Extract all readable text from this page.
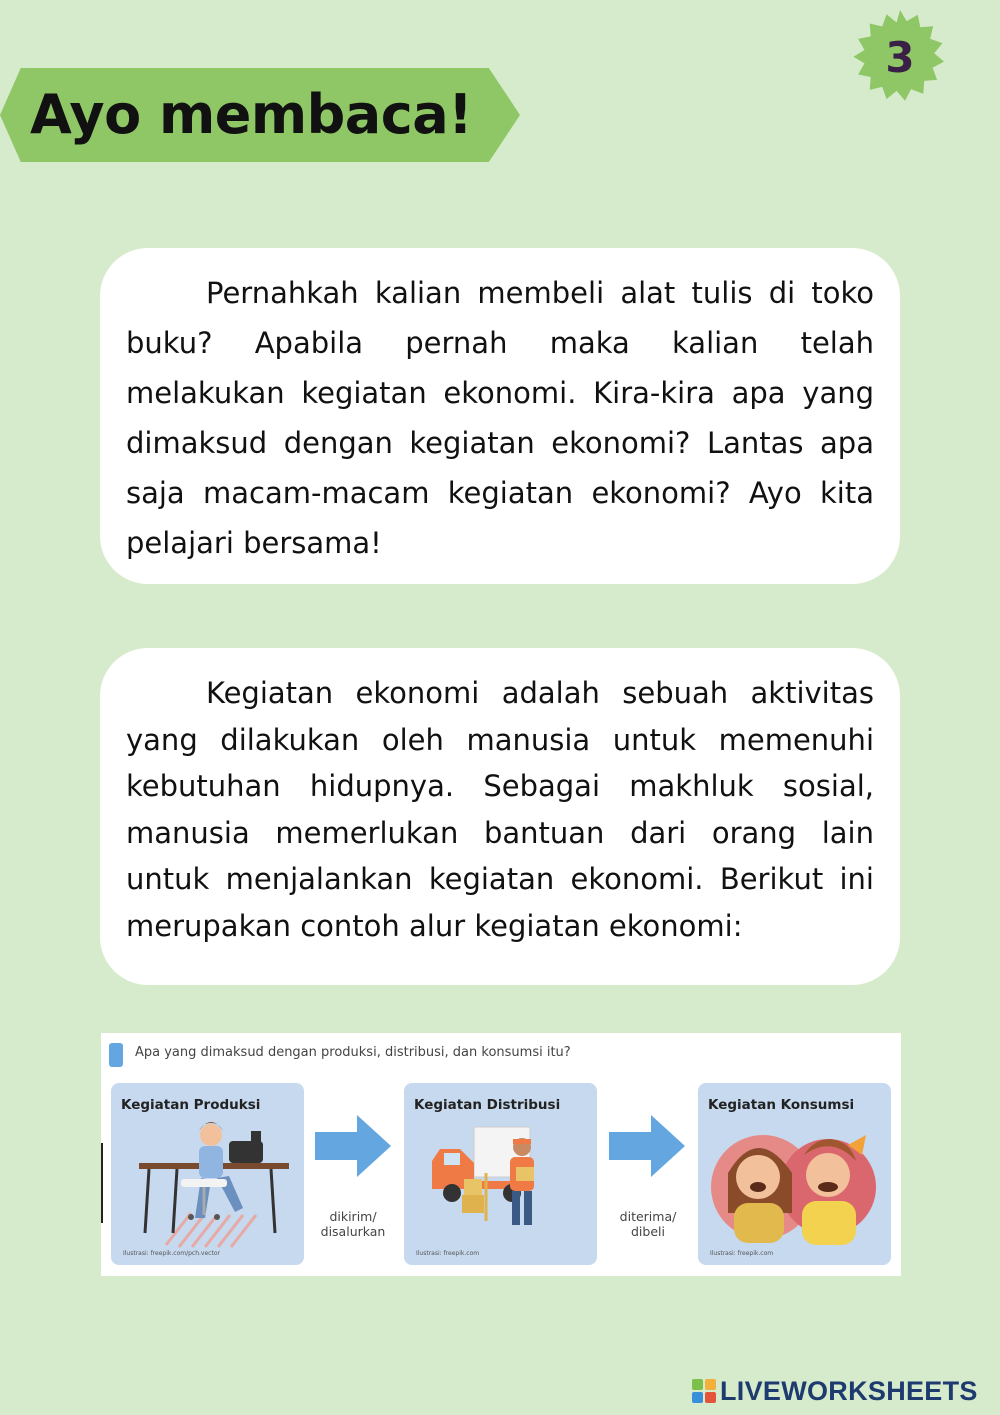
Ayo membaca!
3

Pernahkah kalian membeli alat tulis di toko buku? Apabila pernah maka kalian telah melakukan kegiatan ekonomi. Kira-kira apa yang dimaksud dengan kegiatan ekonomi? Lantas apa saja macam-macam kegiatan ekonomi? Ayo kita pelajari bersama!

Kegiatan ekonomi adalah sebuah aktivitas yang dilakukan oleh manusia untuk memenuhi kebutuhan hidupnya. Sebagai makhluk sosial, manusia memerlukan bantuan dari orang lain untuk menjalankan kegiatan ekonomi. Berikut ini merupakan contoh alur kegiatan ekonomi:

Apa yang dimaksud dengan produksi, distribusi, dan konsumsi itu?
Kegiatan Produksi
Ilustrasi: freepik.com/pch.vector
dikirim/
disalurkan
Kegiatan Distribusi
Ilustrasi: freepik.com
diterima/
dibeli
Kegiatan Konsumsi
Ilustrasi: freepik.com
LIVEWORKSHEETS
